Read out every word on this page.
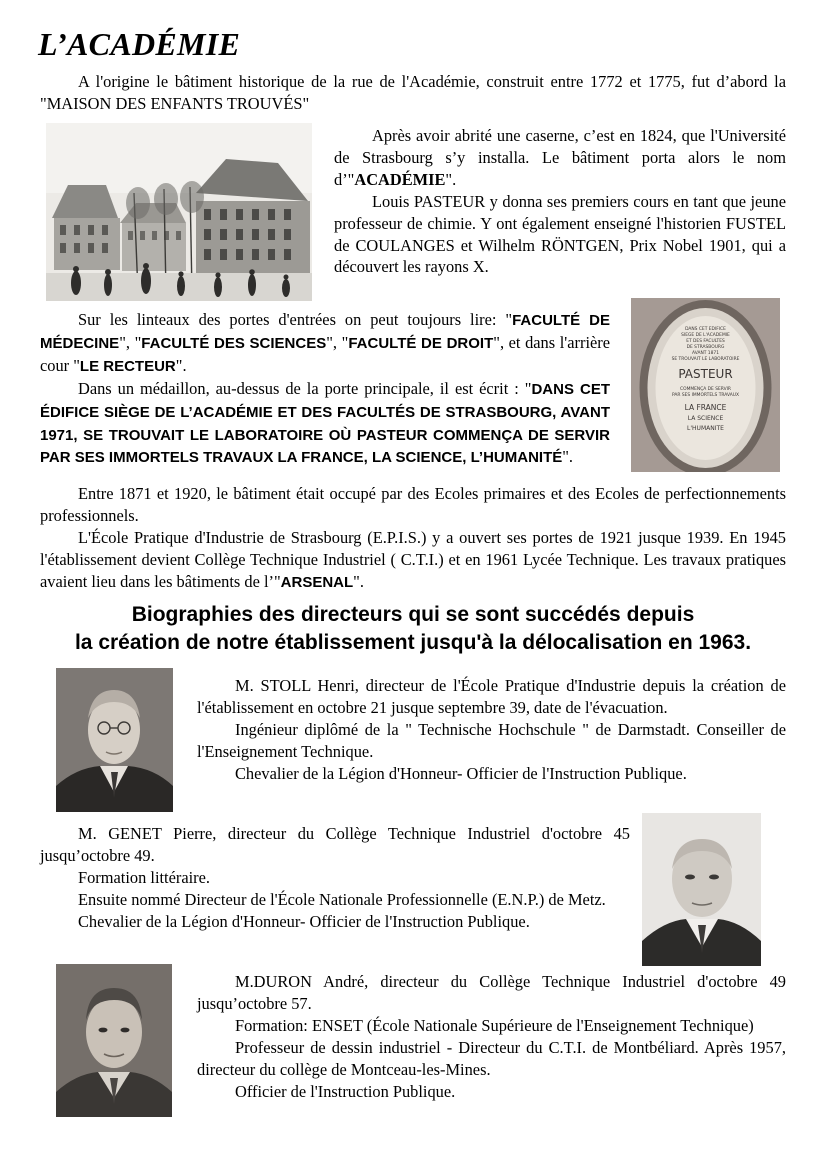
L’ACADÉMIE

A l'origine le bâtiment historique de la rue de l'Académie, construit entre 1772 et 1775, fut d’abord la "MAISON DES ENFANTS TROUVÉS"

Après avoir abrité une caserne, c’est en 1824, que l'Université de Strasbourg s’y installa. Le bâtiment porta alors le nom d’"ACADÉMIE".

Louis PASTEUR y donna ses premiers cours en tant que jeune professeur de chimie. Y ont également enseigné l'historien FUSTEL de COULANGES et Wilhelm RÖNTGEN, Prix Nobel 1901, qui a découvert les rayons X.

Sur les linteaux des portes d'entrées on peut toujours lire: "FACULTÉ DE MÉDECINE", "FACULTÉ DES SCIENCES", "FACULTÉ DE DROIT", et dans l'arrière cour "LE RECTEUR".

Dans un médaillon, au-dessus de la porte principale, il est écrit : "DANS CET ÉDIFICE SIÈGE DE L’ACADÉMIE ET DES FACULTÉS DE STRASBOURG, AVANT 1971, SE TROUVAIT LE LABORATOIRE OÙ PASTEUR COMMENÇA DE SERVIR PAR SES IMMORTELS TRAVAUX LA FRANCE, LA SCIENCE, L’HUMANITÉ".

DANS CET EDIFICE
SIEGE DE L'ACADEMIE
ET DES FACULTES
DE STRASBOURG
AVANT 1871
SE TROUVAIT LE LABORATOIRE
PASTEUR
COMMENÇA DE SERVIR
PAR SES IMMORTELS TRAVAUX
LA FRANCE
LA SCIENCE
L'HUMANITE

Entre 1871 et 1920, le bâtiment était occupé par des Ecoles primaires et des Ecoles de perfectionnements professionnels.

L'École Pratique d'Industrie de Strasbourg (E.P.I.S.) y a ouvert ses portes de 1921 jusque 1939. En 1945 l'établissement devient Collège Technique Industriel ( C.T.I.) et en 1961 Lycée Technique. Les travaux pratiques avaient lieu dans les bâtiments de l’"ARSENAL".

Biographies des directeurs qui se sont succédés depuis
la création de notre établissement jusqu'à la délocalisation en 1963.

M. STOLL Henri, directeur de l'École Pratique d'Industrie depuis la création de l'établissement en octobre 21 jusque septembre 39, date de l'évacuation.

Ingénieur diplômé de la " Technische Hochschule " de Darmstadt. Conseiller de l'Enseignement Technique.

Chevalier de la Légion d'Honneur- Officier de l'Instruction Publique.

M. GENET Pierre, directeur du Collège Technique Industriel d'octobre 45 jusqu’octobre 49.

Formation littéraire.

Ensuite nommé Directeur de l'École Nationale Professionnelle (E.N.P.) de Metz.

Chevalier de la Légion d'Honneur- Officier de l'Instruction Publique.

M.DURON André, directeur du Collège Technique Industriel d'octobre 49 jusqu’octobre 57.

Formation: ENSET (École Nationale Supérieure de l'Enseignement Technique)

Professeur de dessin industriel - Directeur du C.T.I. de Montbéliard. Après 1957, directeur du collège de Montceau-les-Mines.

Officier de l'Instruction Publique.
